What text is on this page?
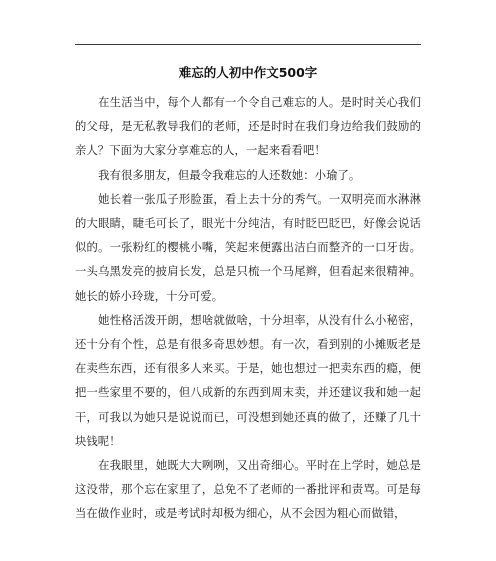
难忘的人初中作文500字

在生活当中，每个人都有一个令自己难忘的人。是时时关心我们的父母，是无私教导我们的老师，还是时时在我们身边给我们鼓励的亲人？下面为大家分享难忘的人，一起来看看吧！

我有很多朋友，但最令我难忘的人还数她：小瑜了。

她长着一张瓜子形脸蛋，看上去十分的秀气。一双明亮而水淋淋的大眼睛，睫毛可长了，眼光十分纯洁，有时眨巴眨巴，好像会说话似的。一张粉红的樱桃小嘴，笑起来便露出洁白而整齐的一口牙齿。一头乌黑发亮的披肩长发，总是只梳一个马尾辫，但看起来很精神。她长的娇小玲珑，十分可爱。

她性格活泼开朗，想啥就做啥，十分坦率，从没有什么小秘密，还十分有个性，总是有很多奇思妙想。有一次，看到别的小摊贩老是在卖些东西，还有很多人来买。于是，她也想过一把卖东西的瘾，便把一些家里不要的，但八成新的东西到周末卖，并还建议我和她一起干，可我以为她只是说说而已，可没想到她还真的做了，还赚了几十块钱呢！

在我眼里，她既大大咧咧，又出奇细心。平时在上学时，她总是这没带，那个忘在家里了，总免不了老师的一番批评和责骂。可是每当在做作业时，或是考试时却极为细心，从不会因为粗心而做错，
